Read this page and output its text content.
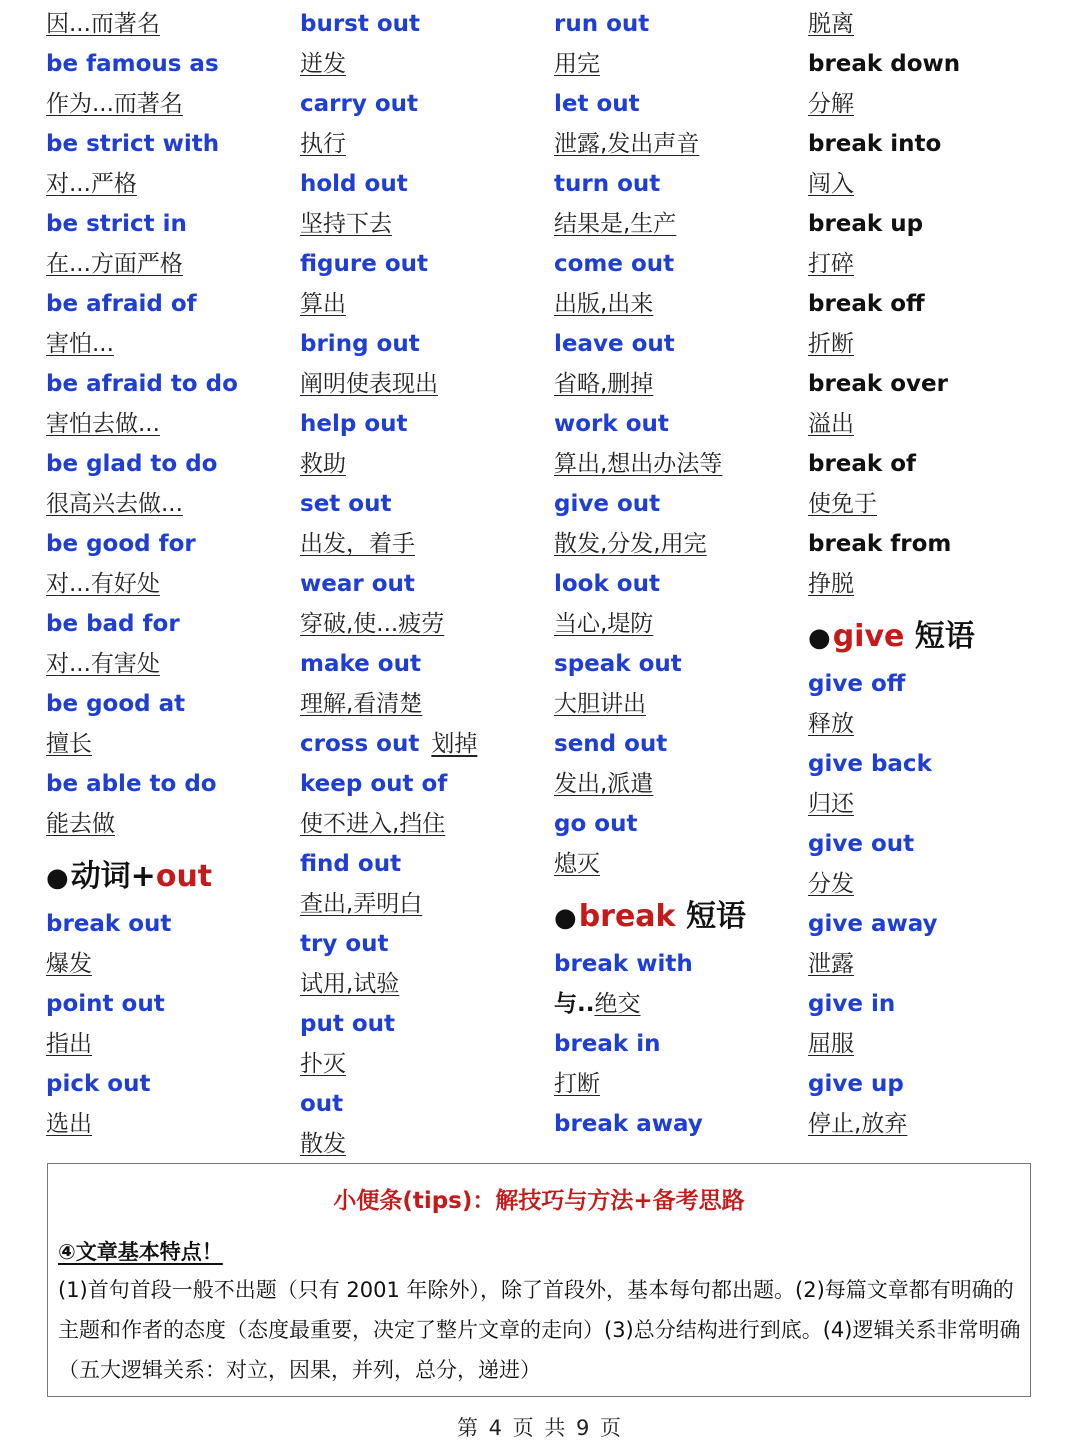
因...而著名
be famous as
作为...而著名
be strict with
对...严格
be strict in
在...方面严格
be afraid of
害怕...
be afraid to do
害怕去做...
be glad to do
很高兴去做...
be good for
对...有好处
be bad for
对...有害处
be good at
擅长
be able to do
能去做
●动词+out
break out
爆发
point out
指出
pick out
选出
burst out
迸发
carry out
执行
hold out
坚持下去
figure out
算出
bring out
阐明使表现出
help out
救助
set out
出发，着手
wear out
穿破,使...疲劳
make out
理解,看清楚
cross out 划掉
keep out of
使不进入,挡住
find out
查出,弄明白
try out
试用,试验
put out
扑灭
out
散发
run out
用完
let out
泄露,发出声音
turn out
结果是,生产
come out
出版,出来
leave out
省略,删掉
work out
算出,想出办法等
give out
散发,分发,用完
look out
当心,堤防
speak out
大胆讲出
send out
发出,派遣
go out
熄灭
●break 短语
break with
与..绝交
break in
打断
break away
脱离
break down
分解
break into
闯入
break up
打碎
break off
折断
break over
溢出
break of
使免于
break from
挣脱
●give 短语
give off
释放
give back
归还
give out
分发
give away
泄露
give in
屈服
give up
停止,放弃
小便条(tips)：解技巧与方法+备考思路
④文章基本特点！
(1)首句首段一般不出题（只有 2001 年除外），除了首段外，基本每句都出题。(2)每篇文章都有明确的主题和作者的态度（态度最重要，决定了整片文章的走向）(3)总分结构进行到底。(4)逻辑关系非常明确（五大逻辑关系：对立，因果，并列，总分，递进）
第 4 页 共 9 页
